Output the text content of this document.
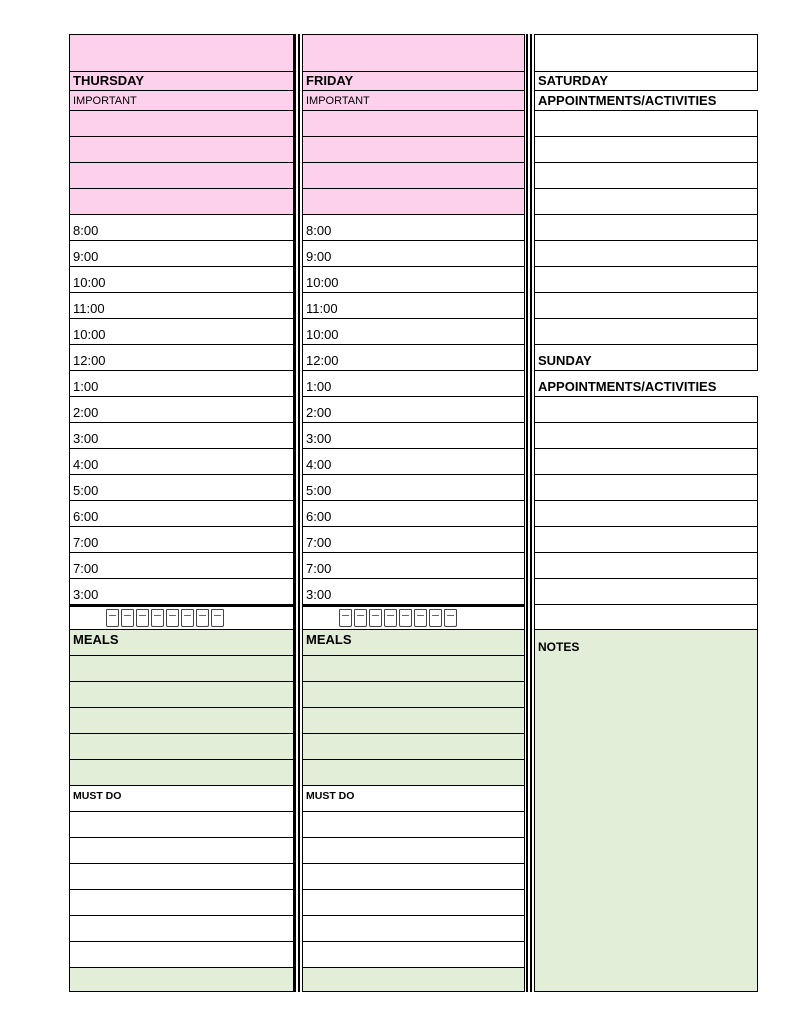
THURSDAY
IMPORTANT
8:00
9:00
10:00
11:00
10:00
12:00
1:00
2:00
3:00
4:00
5:00
6:00
7:00
7:00
3:00
MEALS
MUST DO
FRIDAY
IMPORTANT
8:00
9:00
10:00
11:00
10:00
12:00
1:00
2:00
3:00
4:00
5:00
6:00
7:00
7:00
3:00
MEALS
MUST DO
SATURDAY
APPOINTMENTS/ACTIVITIES
SUNDAY
APPOINTMENTS/ACTIVITIES
NOTES
